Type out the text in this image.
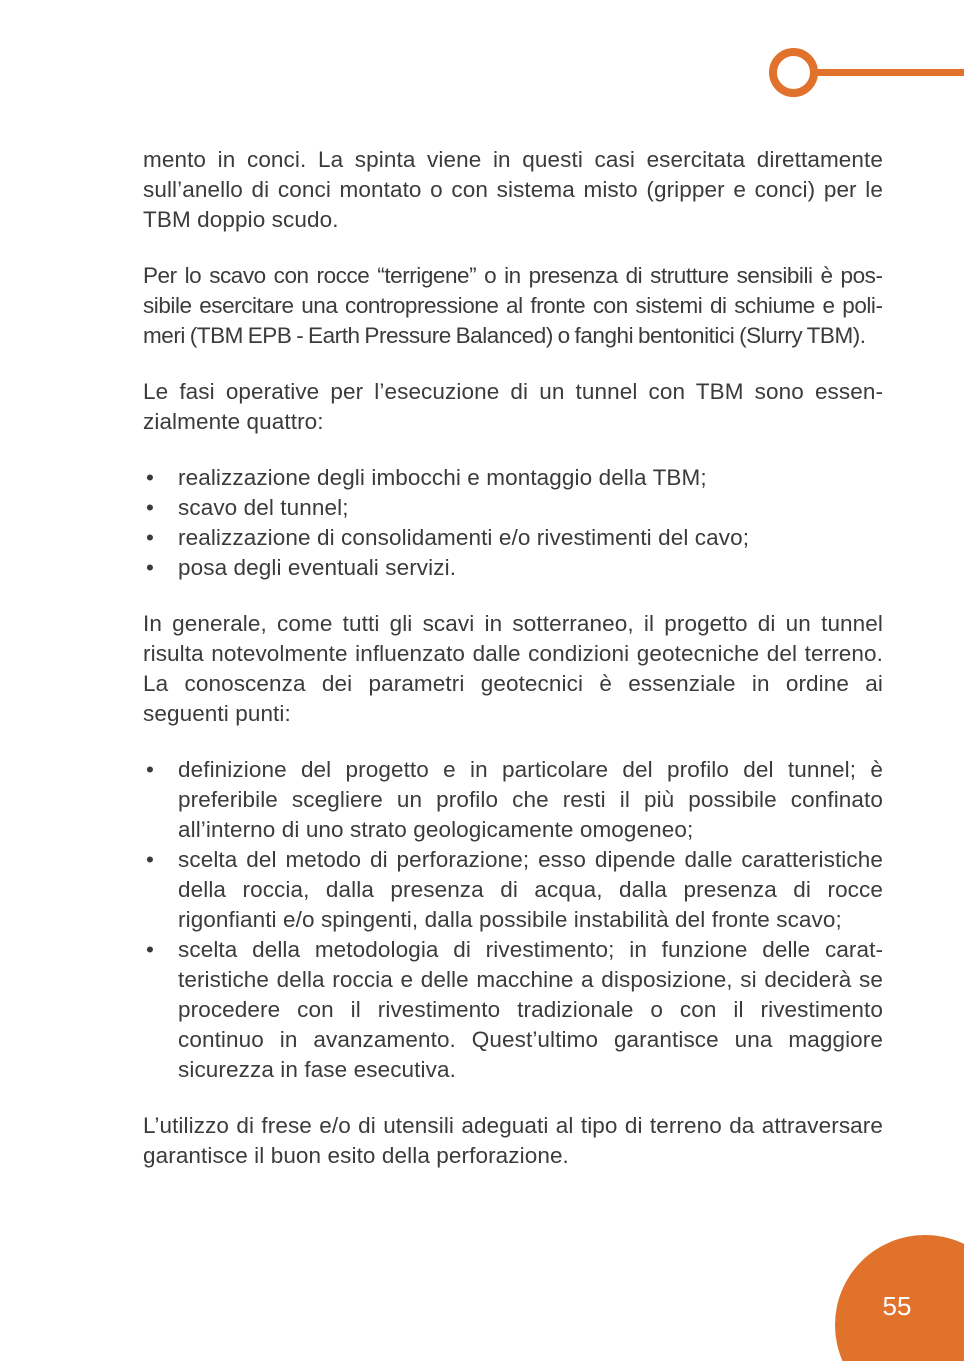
mento in conci. La spinta viene in questi casi esercitata direttamente sull’anello di conci montato o con sistema misto (gripper e conci) per le TBM doppio scudo.

Per lo scavo con rocce “terrigene” o in presenza di strutture sensibili è possibile esercitare una contropressione al fronte con sistemi di schiume e polimeri (TBM EPB - Earth Pressure Balanced) o fanghi bentonitici (Slurry TBM).

Le fasi operative per l’esecuzione di un tunnel con TBM sono essenzialmente quattro:

•	realizzazione degli imbocchi e montaggio della TBM;
•	scavo del tunnel;
•	realizzazione di consolidamenti e/o rivestimenti del cavo;
•	posa degli eventuali servizi.

In generale, come tutti gli scavi in sotterraneo, il progetto di un tunnel risulta notevolmente influenzato dalle condizioni geotecniche del terreno. La conoscenza dei parametri geotecnici è essenziale in ordine ai seguenti punti:

•	definizione del progetto e in particolare del profilo del tunnel; è preferibile scegliere un profilo che resti il più possibile confinato all’interno di uno strato geologicamente omogeneo;
•	scelta del metodo di perforazione; esso dipende dalle caratteristiche della roccia, dalla presenza di acqua, dalla presenza di rocce rigonfianti e/o spingenti, dalla possibile instabilità del fronte scavo;
•	scelta della metodologia di rivestimento; in funzione delle caratteristiche della roccia e delle macchine a disposizione, si deciderà se procedere con il rivestimento tradizionale o con il rivestimento continuo in avanzamento. Quest’ultimo garantisce una maggiore sicurezza in fase esecutiva.

L’utilizzo di frese e/o di utensili adeguati al tipo di terreno da attraversare garantisce il buon esito della perforazione.

55
